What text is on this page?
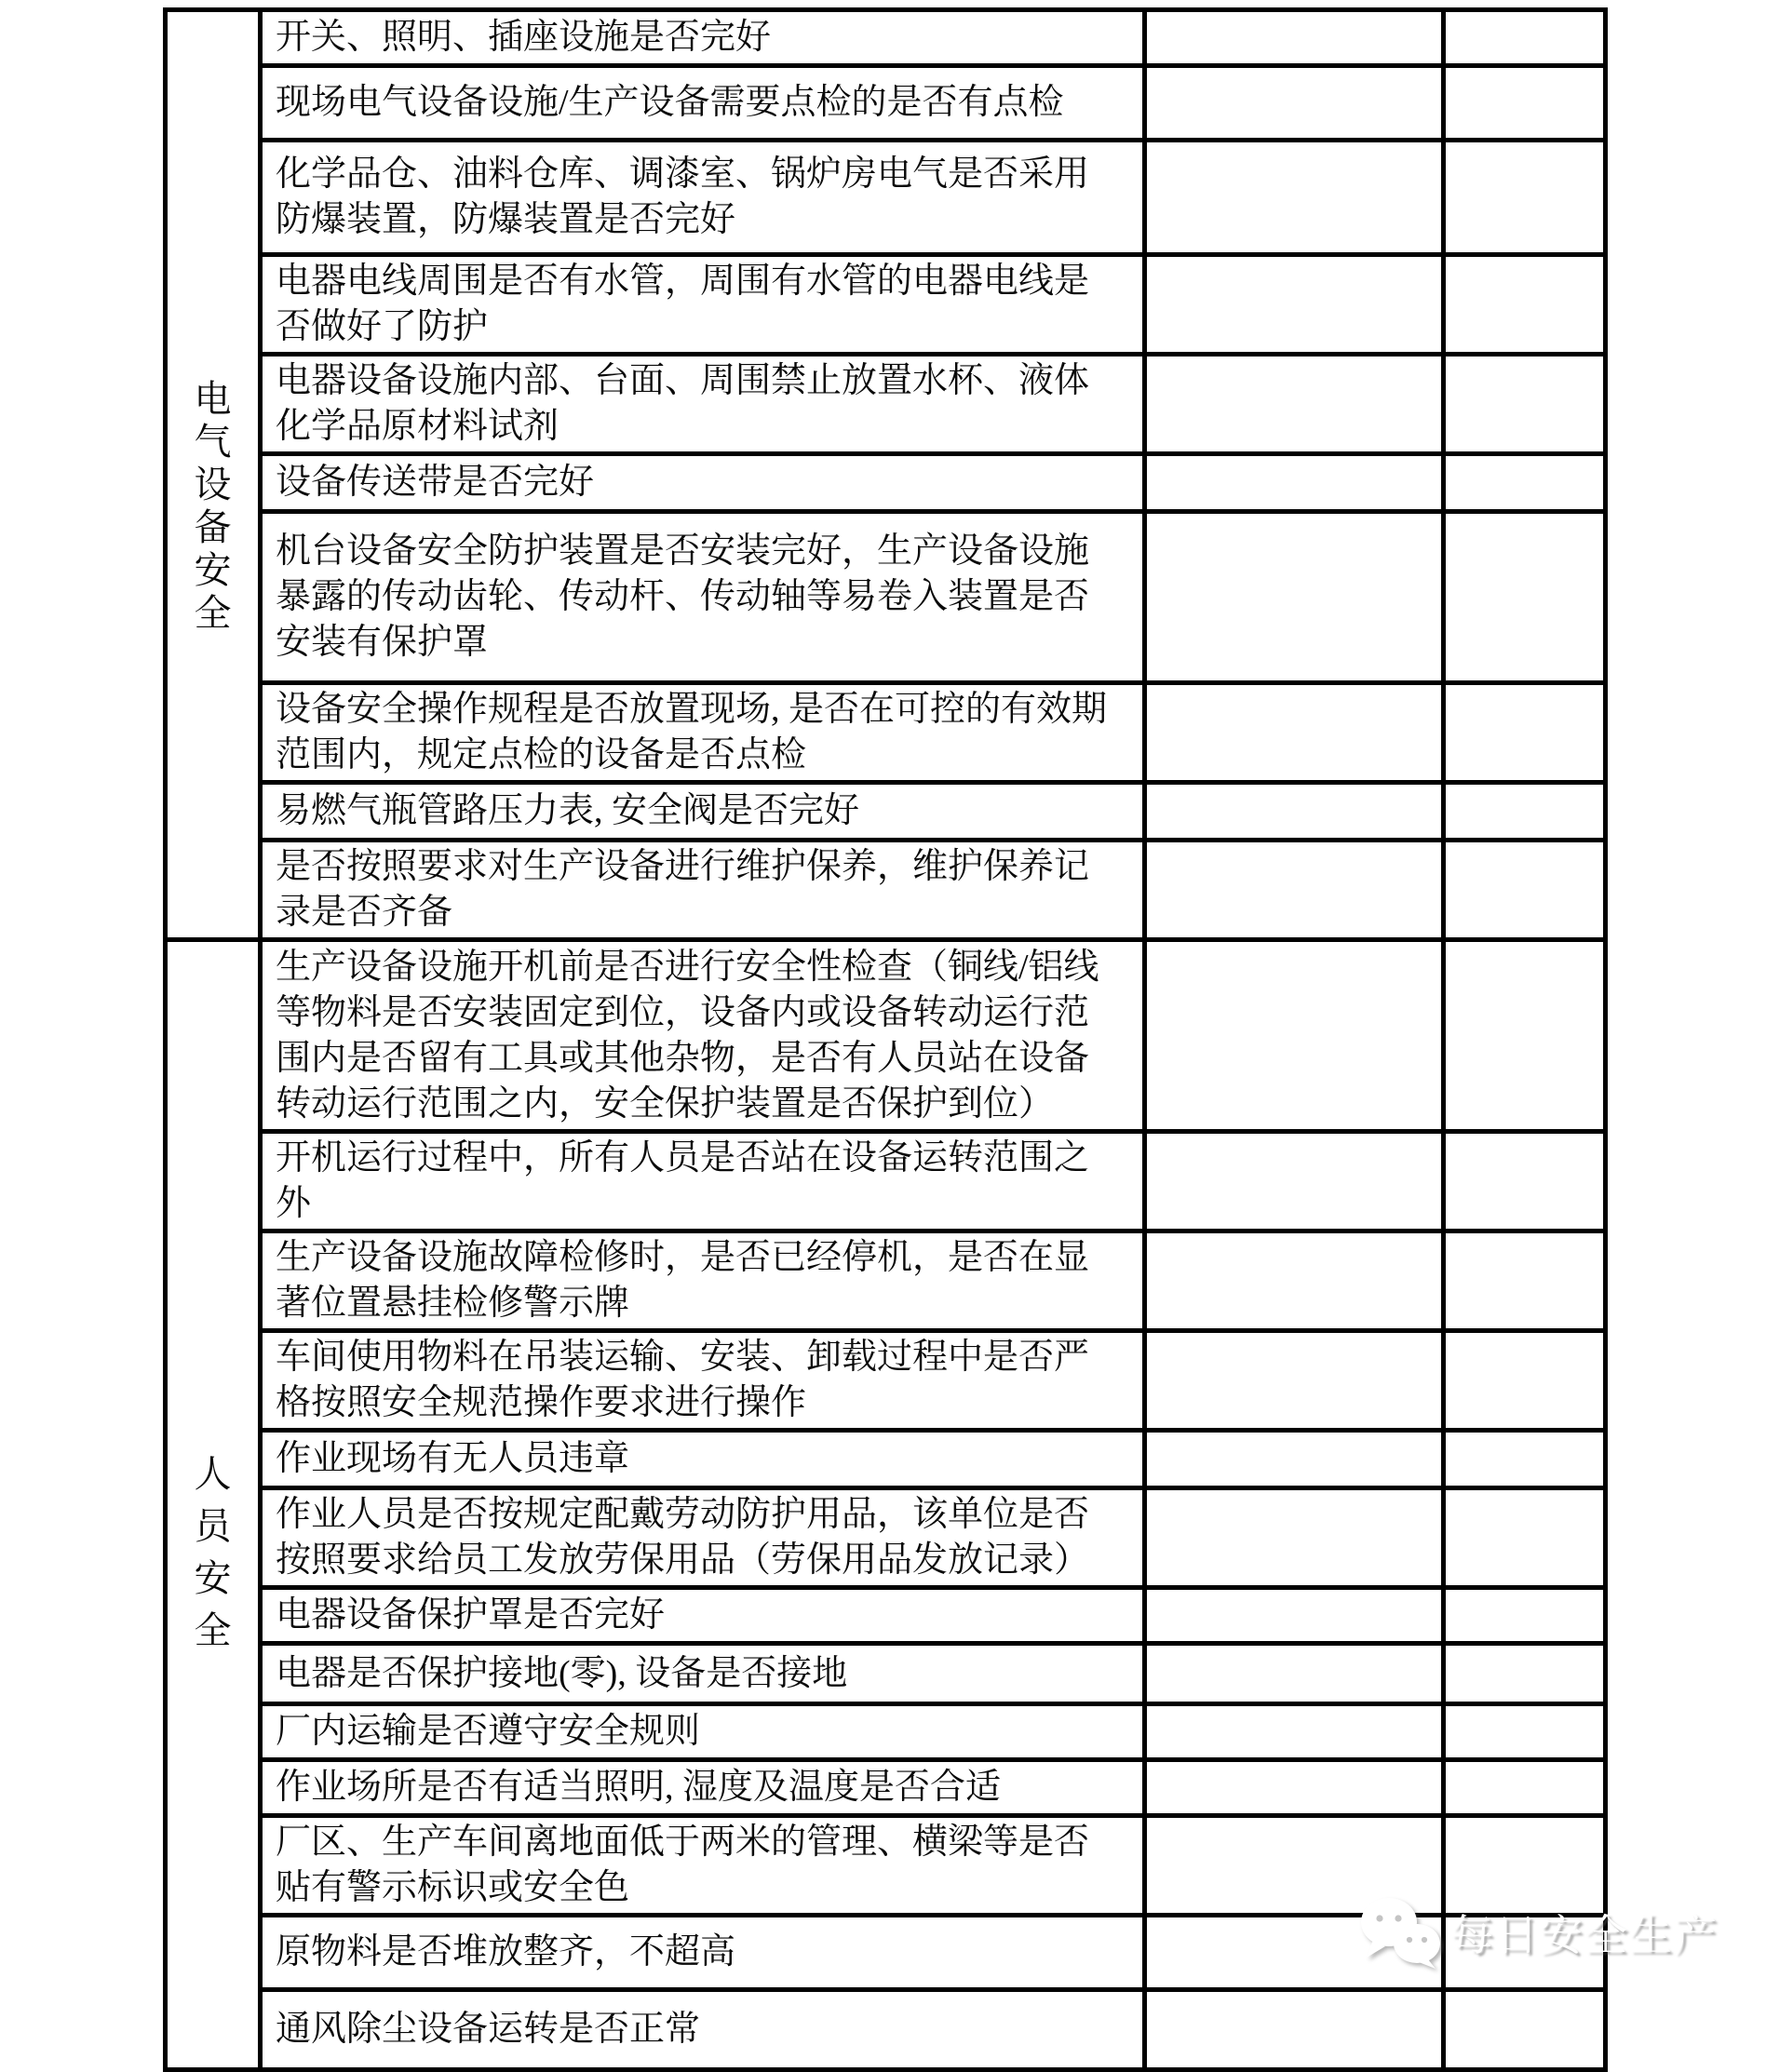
电气设备安全	开关、照明、插座设施是否完好		
	现场电气设备设施/生产设备需要点检的是否有点检		
	化学品仓、油料仓库、调漆室、锅炉房电气是否采用防爆装置，防爆装置是否完好		
	电器电线周围是否有水管，周围有水管的电器电线是否做好了防护		
	电器设备设施内部、台面、周围禁止放置水杯、液体化学品原材料试剂		
	设备传送带是否完好		
	机台设备安全防护装置是否安装完好，生产设备设施暴露的传动齿轮、传动杆、传动轴等易卷入装置是否安装有保护罩		
	设备安全操作规程是否放置现场, 是否在可控的有效期范围内，规定点检的设备是否点检		
	易燃气瓶管路压力表, 安全阀是否完好		
	是否按照要求对生产设备进行维护保养，维护保养记录是否齐备		

人员安全	生产设备设施开机前是否进行安全性检查（铜线/铝线等物料是否安装固定到位，设备内或设备转动运行范围内是否留有工具或其他杂物，是否有人员站在设备转动运行范围之内，安全保护装置是否保护到位）		
	开机运行过程中，所有人员是否站在设备运转范围之外		
	生产设备设施故障检修时，是否已经停机，是否在显著位置悬挂检修警示牌		
	车间使用物料在吊装运输、安装、卸载过程中是否严格按照安全规范操作要求进行操作		
	作业现场有无人员违章		
	作业人员是否按规定配戴劳动防护用品，该单位是否按照要求给员工发放劳保用品（劳保用品发放记录）		
	电器设备保护罩是否完好		
	电器是否保护接地(零), 设备是否接地		
	厂内运输是否遵守安全规则		
	作业场所是否有适当照明, 湿度及温度是否合适		
	厂区、生产车间离地面低于两米的管理、横梁等是否贴有警示标识或安全色		
	原物料是否堆放整齐，不超高		
	通风除尘设备运转是否正常		
每日安全生产
